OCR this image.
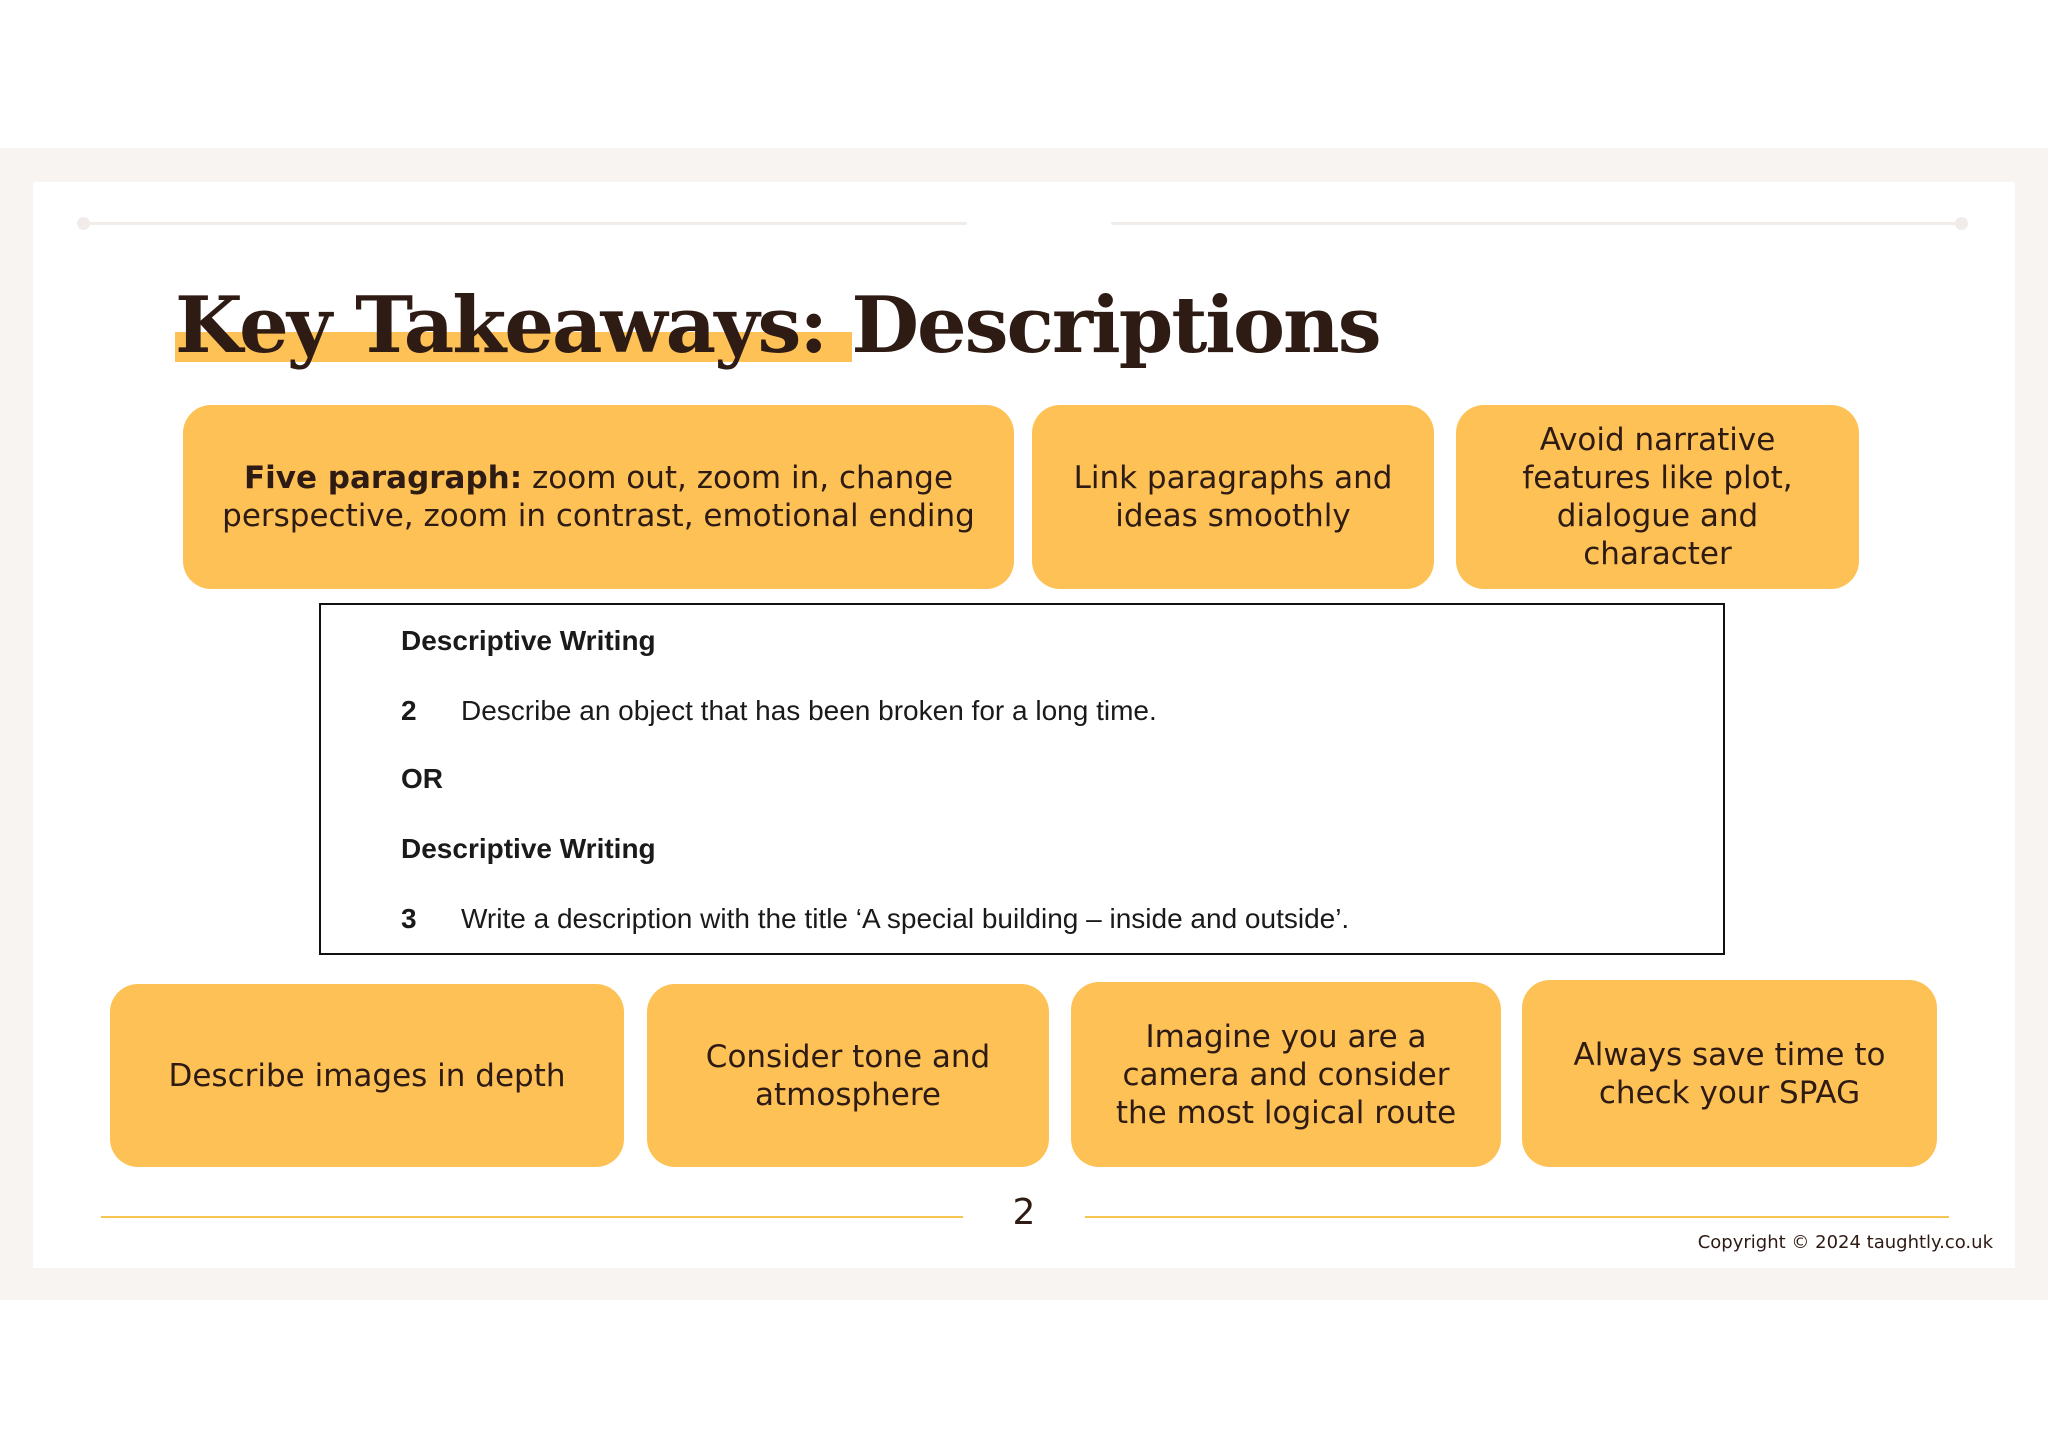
Key Takeaways: Descriptions
Five paragraph: zoom out, zoom in, change perspective, zoom in contrast, emotional ending
Link paragraphs and ideas smoothly
Avoid narrative features like plot, dialogue and character
Descriptive Writing
2 Describe an object that has been broken for a long time.
OR
Descriptive Writing
3 Write a description with the title ‘A special building – inside and outside’.
Describe images in depth
Consider tone and atmosphere
Imagine you are a camera and consider the most logical route
Always save time to check your SPAG
2
Copyright © 2024 taughtly.co.uk
